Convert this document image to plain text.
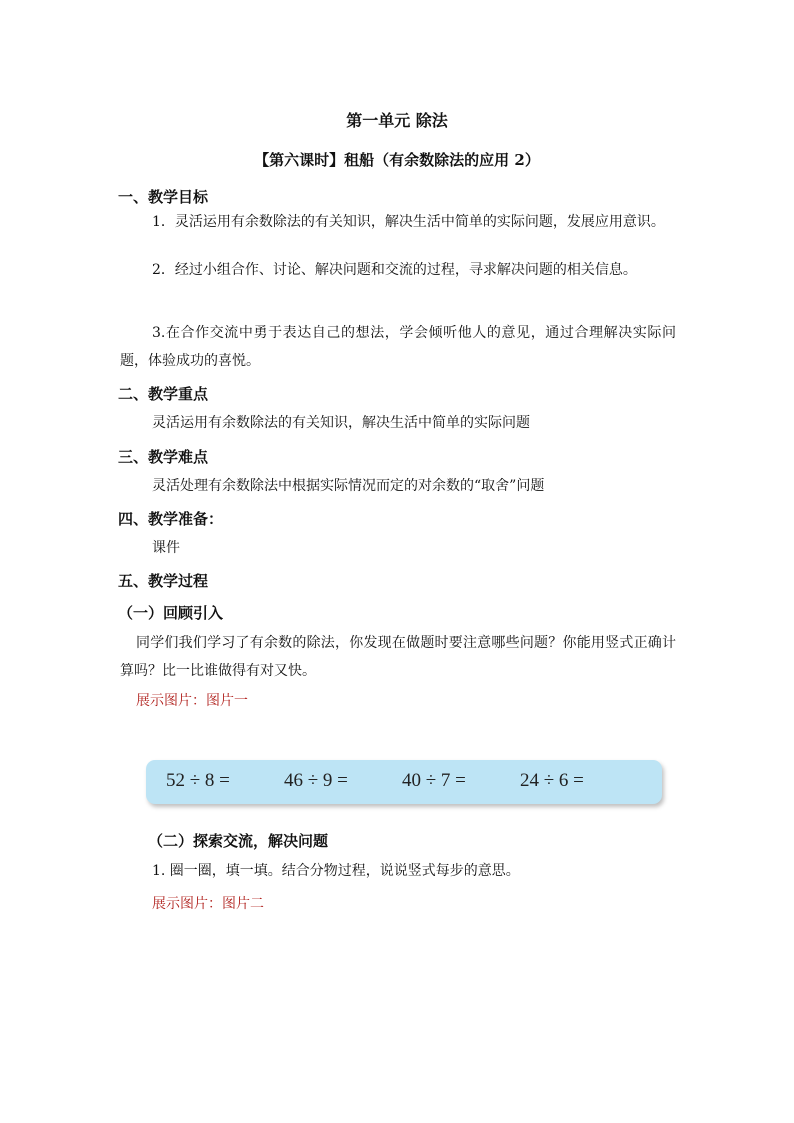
第一单元 除法
【第六课时】租船（有余数除法的应用 2）
一、教学目标
1．灵活运用有余数除法的有关知识，解决生活中简单的实际问题，发展应用意识。
2．经过小组合作、讨论、解决问题和交流的过程，寻求解决问题的相关信息。
3.在合作交流中勇于表达自己的想法，学会倾听他人的意见，通过合理解决实际问题，体验成功的喜悦。
二、教学重点
灵活运用有余数除法的有关知识，解决生活中简单的实际问题
三、教学难点
灵活处理有余数除法中根据实际情况而定的对余数的“取舍”问题
四、教学准备：
课件
五、教学过程
（一）回顾引入
同学们我们学习了有余数的除法，你发现在做题时要注意哪些问题？你能用竖式正确计算吗？比一比谁做得有对又快。
展示图片：图片一
52 ÷ 8 =	46 ÷ 9 =	40 ÷ 7 =	24 ÷ 6 =
（二）探索交流，解决问题
1. 圈一圈，填一填。结合分物过程，说说竖式每步的意思。
展示图片：图片二
